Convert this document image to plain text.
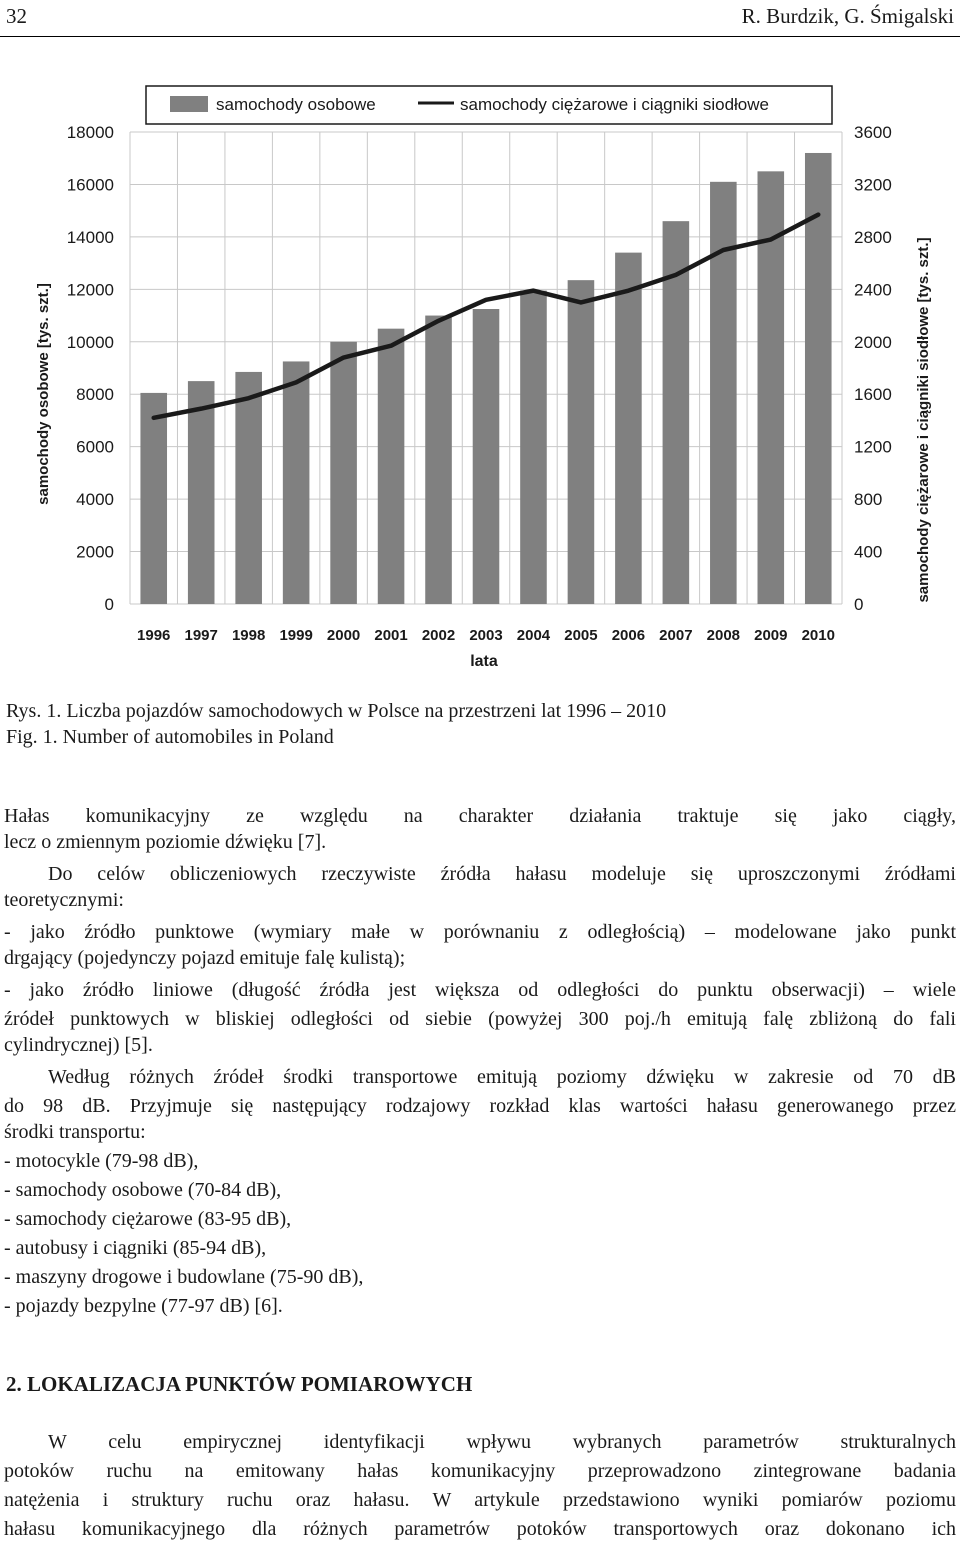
32	R. Burdzik, G. Śmigalski
0
2000
4000
6000
8000
10000
12000
14000
16000
18000
0
400
800
1200
1600
2000
2400
2800
3200
3600
1996 1997 1998 1999 2000 2001 2002 2003 2004 2005 2006 2007 2008 2009 2010
samochody osobowe	samochody ciężarowe i ciągniki siodłowe
lata
samochody osobowe [tys. szt.]	samochody ciężarowe i ciągniki siodłowe [tys. szt.]
Rys. 1. Liczba pojazdów samochodowych w Polsce na przestrzeni lat 1996 – 2010
Fig. 1. Number of automobiles in Poland
Hałas komunikacyjny ze względu na charakter działania traktuje się jako ciągły,
lecz o zmiennym poziomie dźwięku [7].
Do celów obliczeniowych rzeczywiste źródła hałasu modeluje się uproszczonymi źródłami
teoretycznymi:
- jako źródło punktowe (wymiary małe w porównaniu z odległością) – modelowane jako punkt
drgający (pojedynczy pojazd emituje falę kulistą);
- jako źródło liniowe (długość źródła jest większa od odległości do punktu obserwacji) – wiele
źródeł punktowych w bliskiej odległości od siebie (powyżej 300 poj./h emitują falę zbliżoną do fali
cylindrycznej) [5].
Według różnych źródeł środki transportowe emitują poziomy dźwięku w zakresie od 70 dB
do 98 dB. Przyjmuje się następujący rodzajowy rozkład klas wartości hałasu generowanego przez
środki transportu:
- motocykle (79-98 dB),
- samochody osobowe (70-84 dB),
- samochody ciężarowe (83-95 dB),
- autobusy i ciągniki (85-94 dB),
- maszyny drogowe i budowlane (75-90 dB),
- pojazdy bezpylne (77-97 dB) [6].
2. LOKALIZACJA PUNKTÓW POMIAROWYCH
W celu empirycznej identyfikacji wpływu wybranych parametrów strukturalnych
potoków ruchu na emitowany hałas komunikacyjny przeprowadzono zintegrowane badania
natężenia i struktury ruchu oraz hałasu. W artykule przedstawiono wyniki pomiarów poziomu
hałasu komunikacyjnego dla różnych parametrów potoków transportowych oraz dokonano ich
